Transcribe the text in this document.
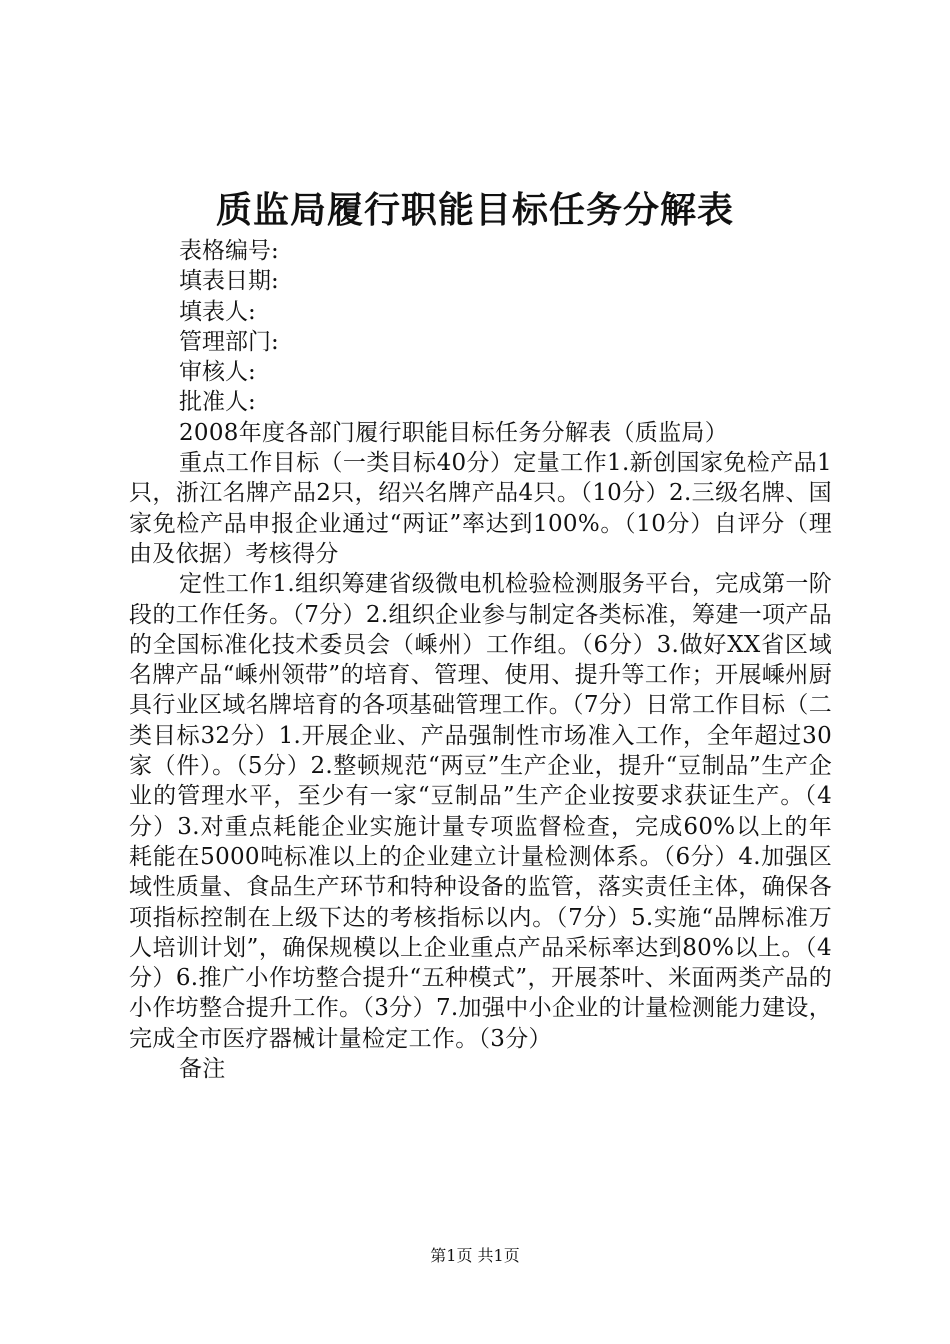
质监局履行职能目标任务分解表

表格编号:

填表日期:

填表人:

管理部门:

审核人:

批准人:

2008年度各部门履行职能目标任务分解表（质监局）

重点工作目标（一类目标40分）定量工作1.新创国家免检产品1只，浙江名牌产品2只，绍兴名牌产品4只。（10分）2.三级名牌、国家免检产品申报企业通过“两证”率达到100%。（10分）自评分（理由及依据）考核得分

定性工作1.组织筹建省级微电机检验检测服务平台，完成第一阶段的工作任务。（7分）2.组织企业参与制定各类标准，筹建一项产品的全国标准化技术委员会（嵊州）工作组。（6分）3.做好XX省区域名牌产品“嵊州领带”的培育、管理、使用、提升等工作；开展嵊州厨具行业区域名牌培育的各项基础管理工作。（7分）日常工作目标（二类目标32分）1.开展企业、产品强制性市场准入工作，全年超过30家（件）。（5分）2.整顿规范“两豆”生产企业，提升“豆制品”生产企业的管理水平，至少有一家“豆制品”生产企业按要求获证生产。（4分）3.对重点耗能企业实施计量专项监督检查，完成60%以上的年耗能在5000吨标准以上的企业建立计量检测体系。（6分）4.加强区域性质量、食品生产环节和特种设备的监管，落实责任主体，确保各项指标控制在上级下达的考核指标以内。（7分）5.实施“品牌标准万人培训计划”，确保规模以上企业重点产品采标率达到80%以上。（4分）6.推广小作坊整合提升“五种模式”，开展茶叶、米面两类产品的小作坊整合提升工作。（3分）7.加强中小企业的计量检测能力建设，完成全市医疗器械计量检定工作。（3分）

备注

第1页 共1页
